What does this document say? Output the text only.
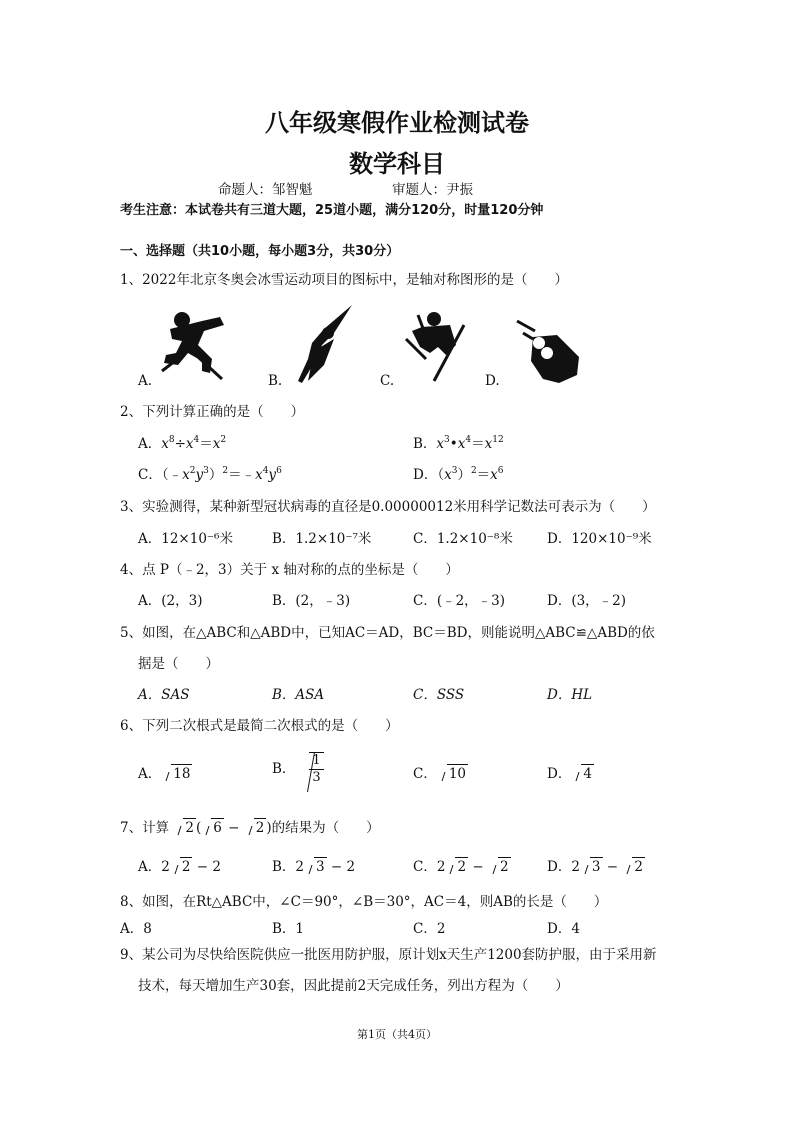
八年级寒假作业检测试卷
数学科目
命题人：邹智魁	审题人：尹振
考生注意：本试卷共有三道大题，25道小题，满分120分，时量120分钟
一、选择题（共10小题，每小题3分，共30分）
1、2022年北京冬奥会冰雪运动项目的图标中，是轴对称图形的是（　　）
A.	B.	C.	D.
2、下列计算正确的是（　　）
A．$x^8\div x^4=x^2$	B．$x^3•x^4=x^{12}$
C．$(﹣x^2y^3)^2=﹣x^4y^6$	D．$(x^3)^2=x^6$
3、实验测得，某种新型冠状病毒的直径是0.00000012米用科学记数法可表示为（　　）
A．12×10⁻⁶米	B．1.2×10⁻⁷米	C．1.2×10⁻⁸米	D．120×10⁻⁹米
4、点 P（﹣2，3）关于 x 轴对称的点的坐标是（　　）
A．(2，3)	B．(2，﹣3)	C．(﹣2，﹣3)	D．(3，﹣2)
5、如图，在△ABC和△ABD中，已知AC＝AD，BC＝BD，则能说明△ABC≌△ABD的依
据是（　　）
A．SAS	B．ASA	C．SSS	D．HL
6、下列二次根式是最简二次根式的是（　　）
A． 18	B． $\frac{1}{3}$	C． 10	D． 4
7、计算 2 ( 6 − 2 )的结果为（　　）
A．2 2 − 2	B．2 3 − 2	C．2 2 − 2	D．2 3 − 2
8、如图，在Rt△ABC中，∠C＝90°，∠B＝30°，AC＝4，则AB的长是（　　）
A．8	B．1	C．2	D．4
9、某公司为尽快给医院供应一批医用防护服，原计划x天生产1200套防护服，由于采用新
技术，每天增加生产30套，因此提前2天完成任务，列出方程为（　　）
第1页（共4页）
